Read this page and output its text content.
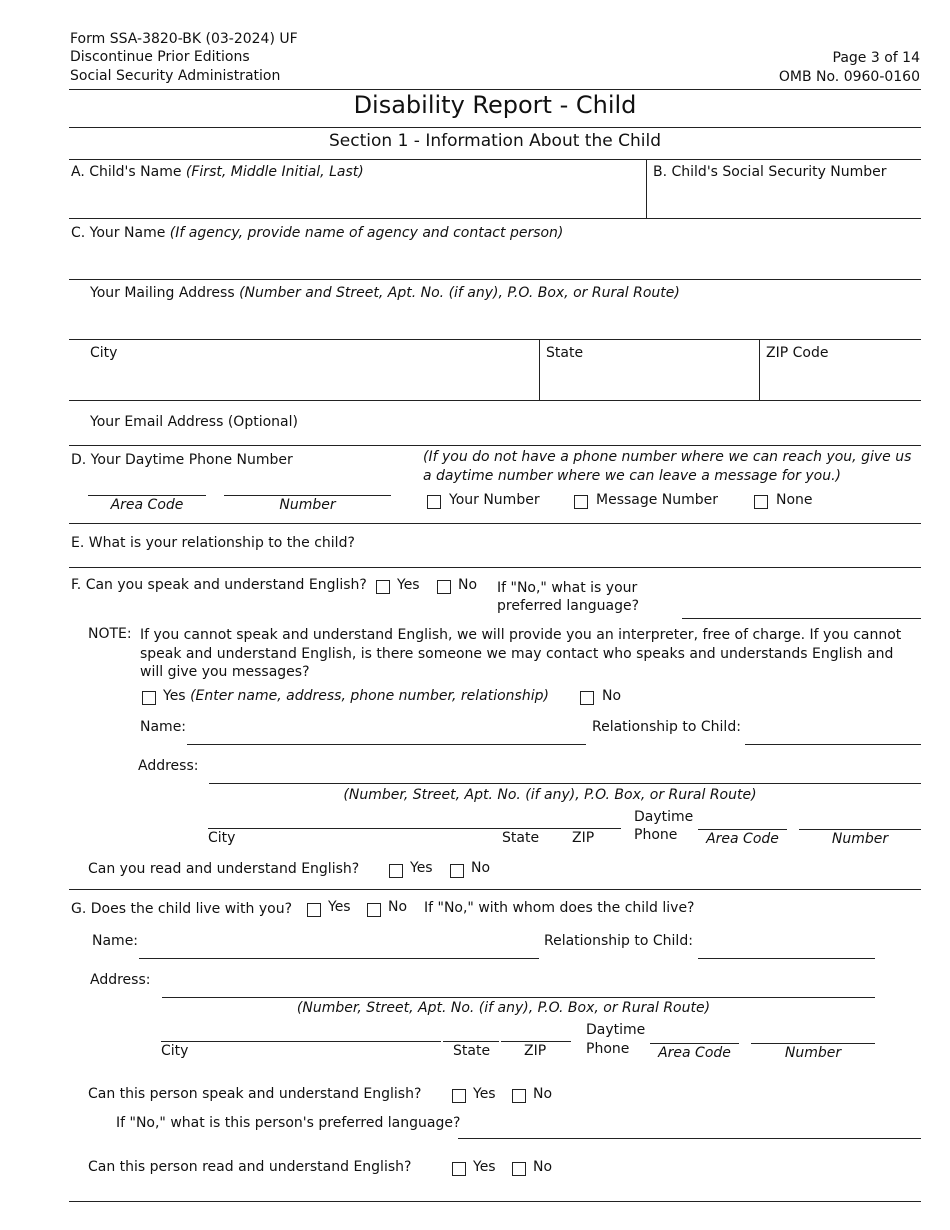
Form SSA-3820-BK (03-2024) UF
Discontinue Prior Editions
Social Security Administration
Page 3 of 14
OMB No. 0960-0160
Disability Report - Child
Section 1 - Information About the Child
A. Child's Name (First, Middle Initial, Last)	B. Child's Social Security Number
C. Your Name (If agency, provide name of agency and contact person)
Your Mailing Address (Number and Street, Apt. No. (if any), P.O. Box, or Rural Route)
City	State	ZIP Code
Your Email Address (Optional)
D. Your Daytime Phone Number	(If you do not have a phone number where we can reach you, give us a daytime number where we can leave a message for you.)
Area Code	Number	Your Number	Message Number	None
E. What is your relationship to the child?
F. Can you speak and understand English? Yes	No If "No," what is your preferred language?
NOTE: If you cannot speak and understand English, we will provide you an interpreter, free of charge. If you cannot speak and understand English, is there someone we may contact who speaks and understands English and will give you messages?
Yes (Enter name, address, phone number, relationship)	No
Name:	Relationship to Child:
Address:
(Number, Street, Apt. No. (if any), P.O. Box, or Rural Route)
City	State ZIP
Daytime
Phone	Area Code	Number
Can you read and understand English?	Yes	No
G. Does the child live with you?	Yes	No If "No," with whom does the child live?
Name:	Relationship to Child:
Address:
(Number, Street, Apt. No. (if any), P.O. Box, or Rural Route)
City	State ZIP
Daytime
Phone	Area Code	Number
Can this person speak and understand English?	Yes	No
If "No," what is this person's preferred language?
Can this person read and understand English?	Yes	No
